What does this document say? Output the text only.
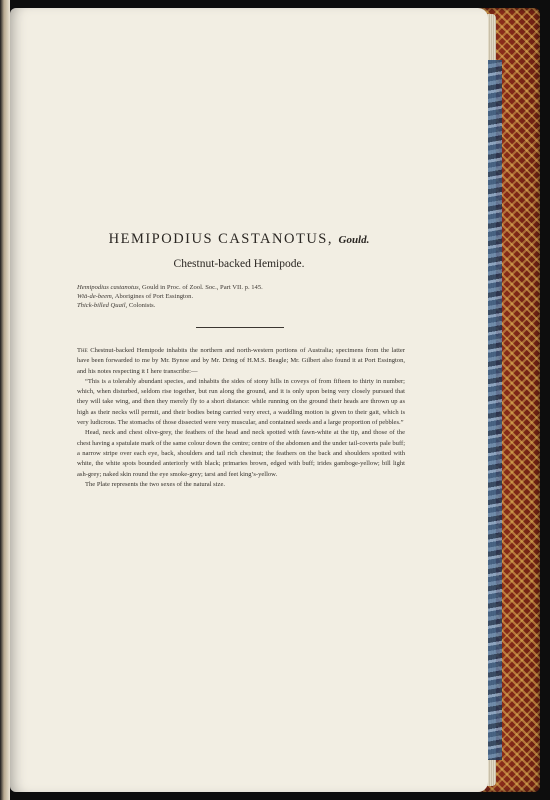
HEMIPODIUS CASTANOTUS, Gould.
Chestnut-backed Hemipode.
Hemipodius castanotus, Gould in Proc. of Zool. Soc., Part VII. p. 145.
Wiä-de-beem, Aborigines of Port Essington.
Thick-billed Quail, Colonists.

The Chestnut-backed Hemipode inhabits the northern and north-western portions of Australia; specimens from the latter have been forwarded to me by Mr. Bynoe and by Mr. Dring of H.M.S. Beagle; Mr. Gilbert also found it at Port Essington, and his notes respecting it I here transcribe:—

“This is a tolerably abundant species, and inhabits the sides of stony hills in coveys of from fifteen to thirty in number; which, when disturbed, seldom rise together, but run along the ground, and it is only upon being very closely pursued that they will take wing, and then they merely fly to a short distance: while running on the ground their heads are thrown up as high as their necks will permit, and their bodies being carried very erect, a waddling motion is given to their gait, which is very ludicrous. The stomachs of those dissected were very muscular, and contained seeds and a large proportion of pebbles.”

Head, neck and chest olive-grey, the feathers of the head and neck spotted with fawn-white at the tip, and those of the chest having a spatulate mark of the same colour down the centre; centre of the abdomen and the under tail-coverts pale buff; a narrow stripe over each eye, back, shoulders and tail rich chestnut; the feathers on the back and shoulders spotted with white, the white spots bounded anteriorly with black; primaries brown, edged with buff; irides gamboge-yellow; bill light ash-grey; naked skin round the eye smoke-grey; tarsi and feet king’s-yellow.

The Plate represents the two sexes of the natural size.
